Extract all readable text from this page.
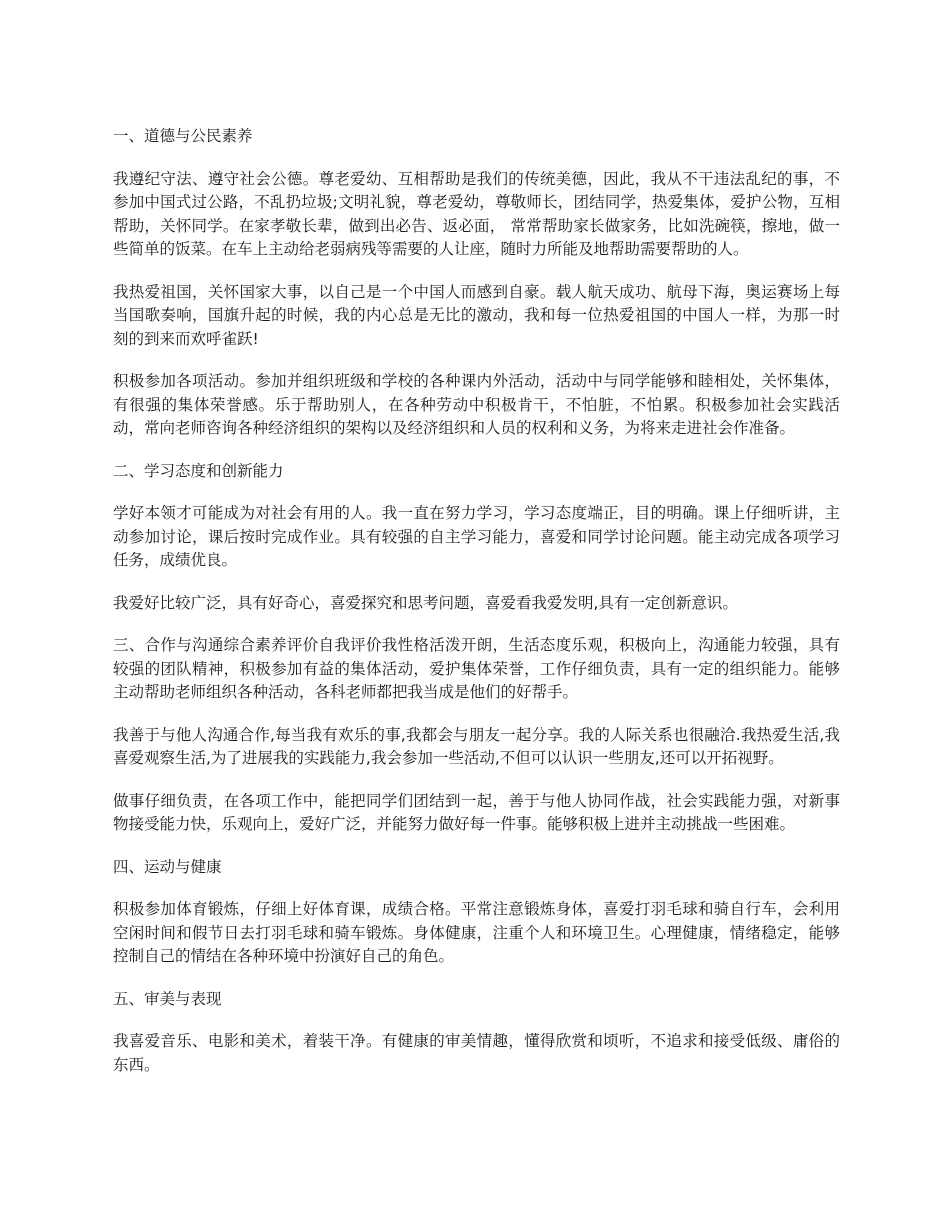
一、道德与公民素养
我遵纪守法、遵守社会公德。尊老爱幼、互相帮助是我们的传统美德，因此，我从不干违法乱纪的事，不参加中国式过公路，不乱扔垃圾;文明礼貌，尊老爱幼，尊敬师长，团结同学，热爱集体，爱护公物，互相帮助，关怀同学。在家孝敬长辈，做到出必告、返必面， 常常帮助家长做家务，比如洗碗筷，擦地，做一些简单的饭菜。在车上主动给老弱病残等需要的人让座，随时力所能及地帮助需要帮助的人。
我热爱祖国，关怀国家大事，以自己是一个中国人而感到自豪。载人航天成功、航母下海，奥运赛场上每当国歌奏响，国旗升起的时候，我的内心总是无比的激动，我和每一位热爱祖国的中国人一样，为那一时刻的到来而欢呼雀跃!
积极参加各项活动。参加并组织班级和学校的各种课内外活动，活动中与同学能够和睦相处，关怀集体，有很强的集体荣誉感。乐于帮助别人，在各种劳动中积极肯干，不怕脏，不怕累。积极参加社会实践活动，常向老师咨询各种经济组织的架构以及经济组织和人员的权利和义务，为将来走进社会作准备。
二、学习态度和创新能力
学好本领才可能成为对社会有用的人。我一直在努力学习，学习态度端正，目的明确。课上仔细听讲，主动参加讨论，课后按时完成作业。具有较强的自主学习能力，喜爱和同学讨论问题。能主动完成各项学习任务，成绩优良。
我爱好比较广泛，具有好奇心，喜爱探究和思考问题，喜爱看我爱发明,具有一定创新意识。
三、合作与沟通综合素养评价自我评价我性格活泼开朗，生活态度乐观，积极向上，沟通能力较强，具有较强的团队精神，积极参加有益的集体活动，爱护集体荣誉，工作仔细负责，具有一定的组织能力。能够主动帮助老师组织各种活动，各科老师都把我当成是他们的好帮手。
我善于与他人沟通合作,每当我有欢乐的事,我都会与朋友一起分享。我的人际关系也很融洽.我热爱生活,我喜爱观察生活,为了进展我的实践能力,我会参加一些活动,不但可以认识一些朋友,还可以开拓视野。
做事仔细负责，在各项工作中，能把同学们团结到一起，善于与他人协同作战，社会实践能力强，对新事物接受能力快，乐观向上，爱好广泛，并能努力做好每一件事。能够积极上进并主动挑战一些困难。
四、运动与健康
积极参加体育锻炼，仔细上好体育课，成绩合格。平常注意锻炼身体，喜爱打羽毛球和骑自行车，会利用空闲时间和假节日去打羽毛球和骑车锻炼。身体健康，注重个人和环境卫生。心理健康，情绪稳定，能够控制自己的情结在各种环境中扮演好自己的角色。
五、审美与表现
我喜爱音乐、电影和美术，着装干净。有健康的审美情趣，懂得欣赏和顷听，不追求和接受低级、庸俗的东西。
